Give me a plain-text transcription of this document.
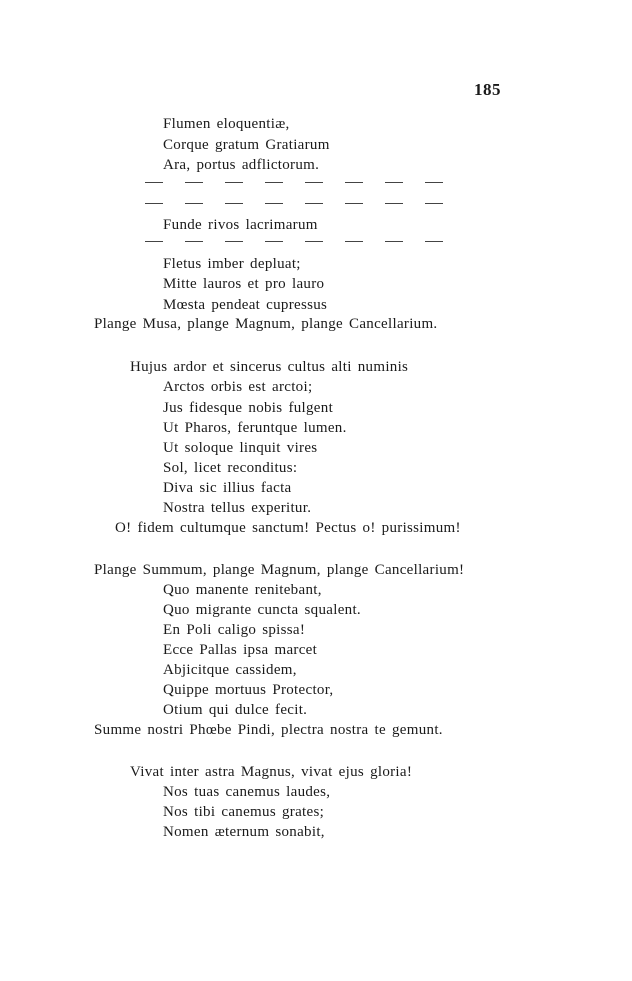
185
Flumen eloquentiæ,
Corque gratum Gratiarum
Ara, portus adflictorum.
Funde rivos lacrimarum
Fletus imber depluat;
Mitte lauros et pro lauro
Mœsta pendeat cupressus
Plange Musa, plange Magnum, plange Cancellarium.
Hujus ardor et sincerus cultus alti numinis
Arctos orbis est arctoi;
Jus fidesque nobis fulgent
Ut Pharos, feruntque lumen.
Ut soloque linquit vires
Sol, licet reconditus:
Diva sic illius facta
Nostra tellus experitur.
O! fidem cultumque sanctum! Pectus o! purissimum!
Plange Summum, plange Magnum, plange Cancellarium!
Quo manente renitebant,
Quo migrante cuncta squalent.
En Poli caligo spissa!
Ecce Pallas ipsa marcet
Abjicitque cassidem,
Quippe mortuus Protector,
Otium qui dulce fecit.
Summe nostri Phœbe Pindi, plectra nostra te gemunt.
Vivat inter astra Magnus, vivat ejus gloria!
Nos tuas canemus laudes,
Nos tibi canemus grates;
Nomen æternum sonabit,
